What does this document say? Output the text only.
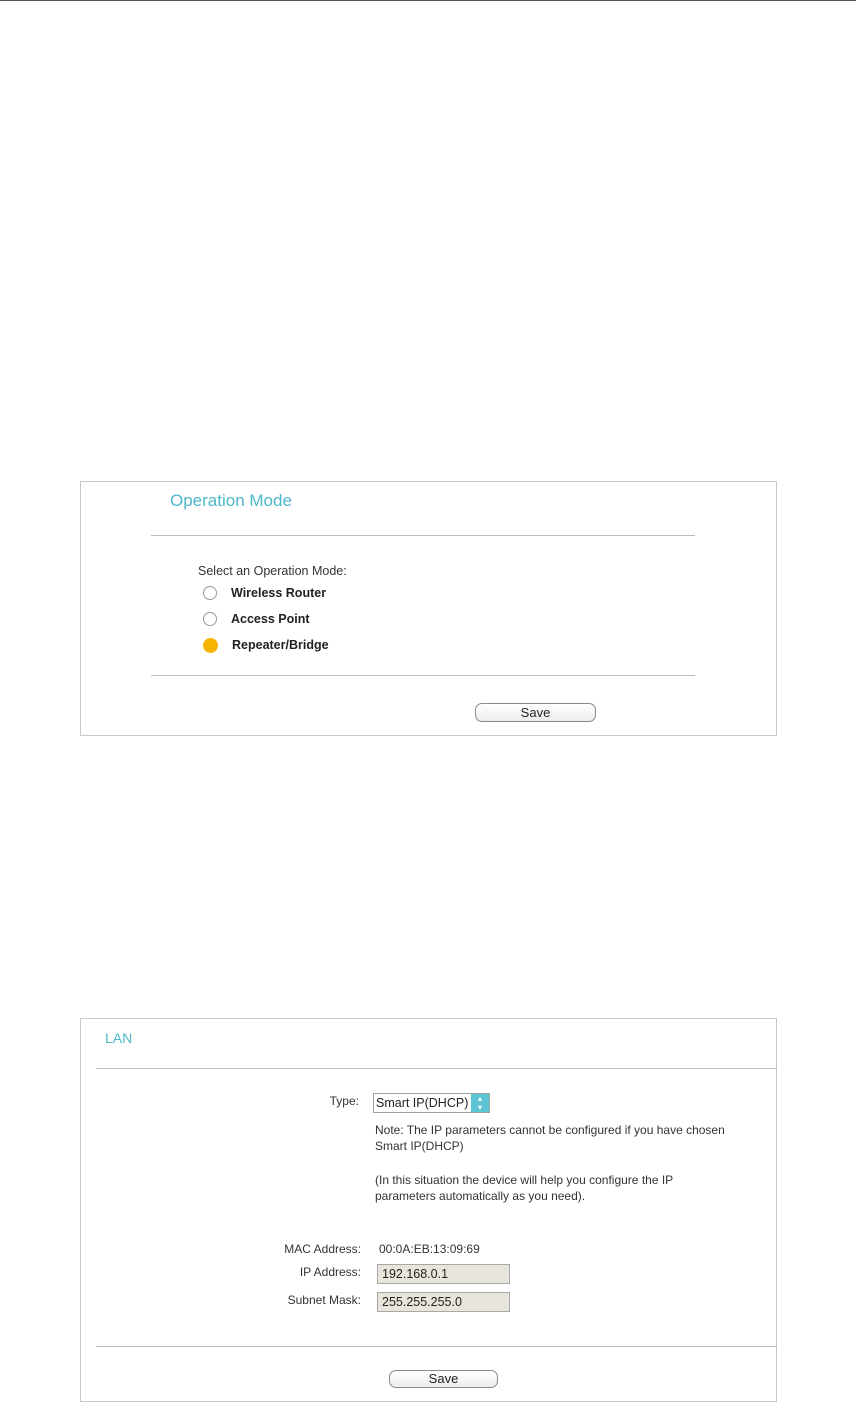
Operation Mode
Select an Operation Mode:
Wireless Router
Access Point
Repeater/Bridge
Save
LAN
Type: Smart IP(DHCP)	▴
▾
Note: The IP parameters cannot be configured if you have chosen Smart IP(DHCP)
(In this situation the device will help you configure the IP parameters automatically as you need).
MAC Address: 00:0A:EB:13:09:69
IP Address:
192.168.0.1
Subnet Mask:
255.255.255.0
Save
